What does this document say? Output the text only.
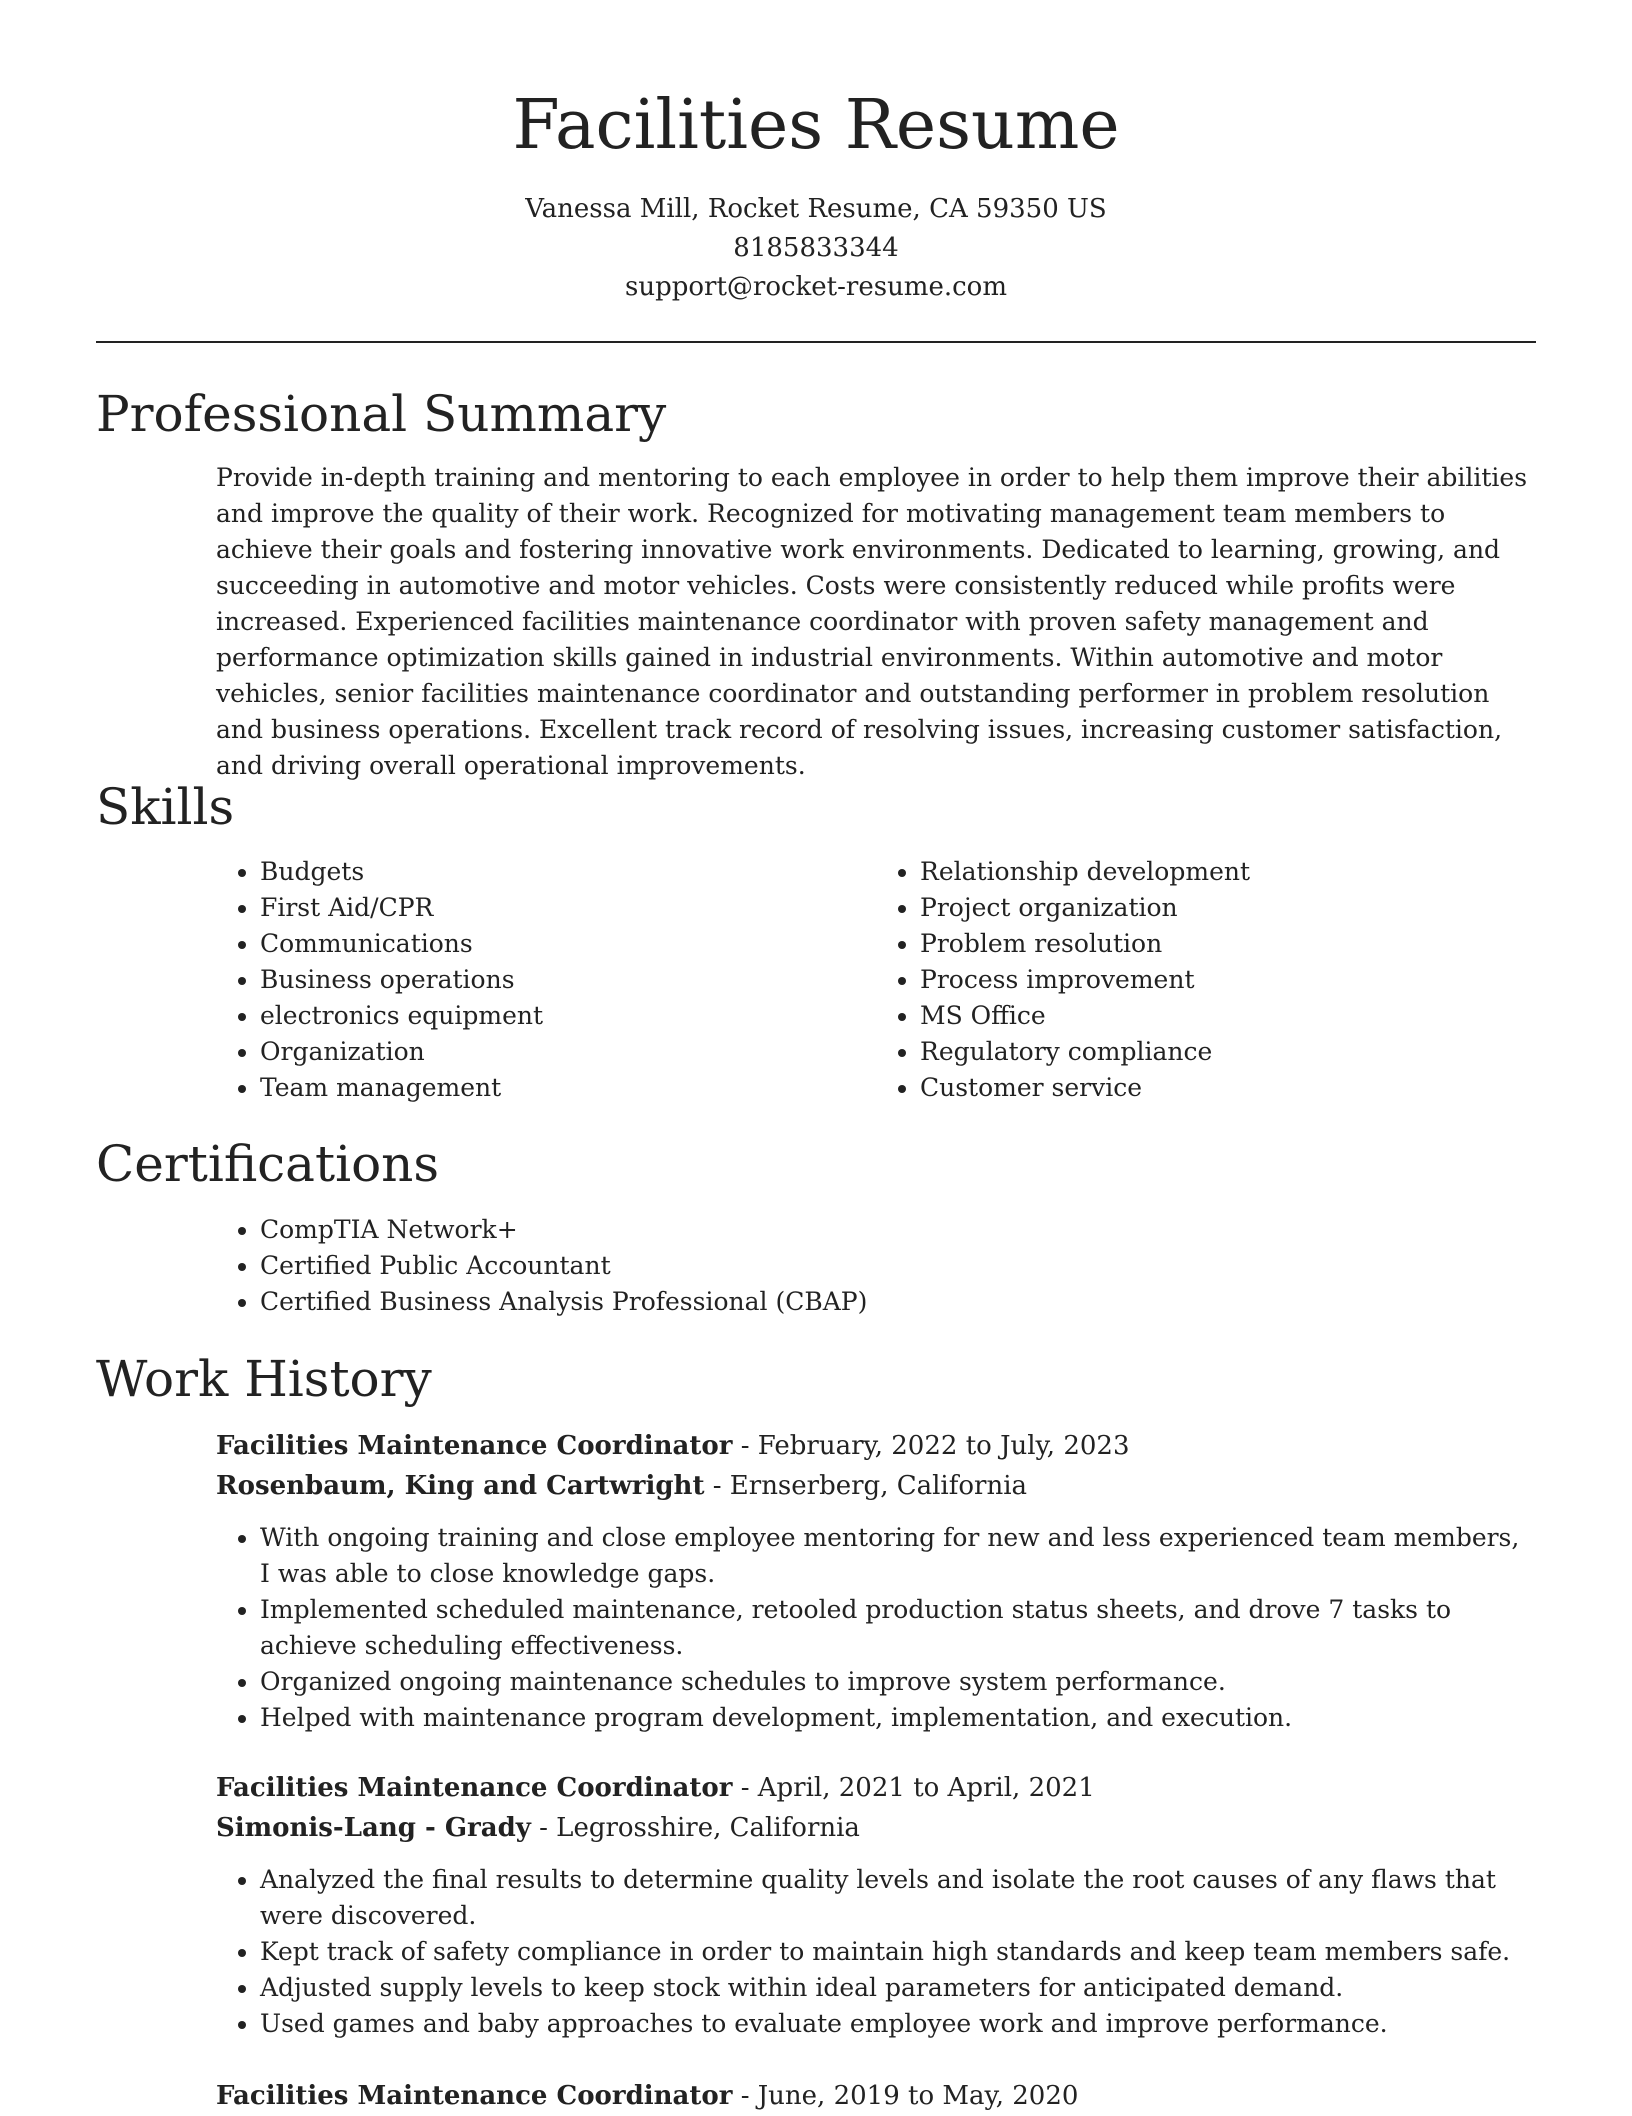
Facilities Resume
Vanessa Mill, Rocket Resume, CA 59350 US
8185833344
support@rocket-resume.com
Professional Summary

Provide in-depth training and mentoring to each employee in order to help them improve their abilities and improve the quality of their work. Recognized for motivating management team members to achieve their goals and fostering innovative work environments. Dedicated to learning, growing, and succeeding in automotive and motor vehicles. Costs were consistently reduced while profits were increased. Experienced facilities maintenance coordinator with proven safety management and performance optimization skills gained in industrial environments. Within automotive and motor vehicles, senior facilities maintenance coordinator and outstanding performer in problem resolution and business operations. Excellent track record of resolving issues, increasing customer satisfaction, and driving overall operational improvements.

Skills
• Budgets
• First Aid/CPR
• Communications
• Business operations
• electronics equipment
• Organization
• Team management
• Relationship development
• Project organization
• Problem resolution
• Process improvement
• MS Office
• Regulatory compliance
• Customer service
Certifications
• CompTIA Network+
• Certified Public Accountant
• Certified Business Analysis Professional (CBAP)
Work History
Facilities Maintenance Coordinator - February, 2022 to July, 2023
Rosenbaum, King and Cartwright - Ernserberg, California
• With ongoing training and close employee mentoring for new and less experienced team members, I was able to close knowledge gaps.
• Implemented scheduled maintenance, retooled production status sheets, and drove 7 tasks to achieve scheduling effectiveness.
• Organized ongoing maintenance schedules to improve system performance.
• Helped with maintenance program development, implementation, and execution.
Facilities Maintenance Coordinator - April, 2021 to April, 2021
Simonis-Lang - Grady - Legrosshire, California
• Analyzed the final results to determine quality levels and isolate the root causes of any flaws that were discovered.
• Kept track of safety compliance in order to maintain high standards and keep team members safe.
• Adjusted supply levels to keep stock within ideal parameters for anticipated demand.
• Used games and baby approaches to evaluate employee work and improve performance.
Facilities Maintenance Coordinator - June, 2019 to May, 2020
